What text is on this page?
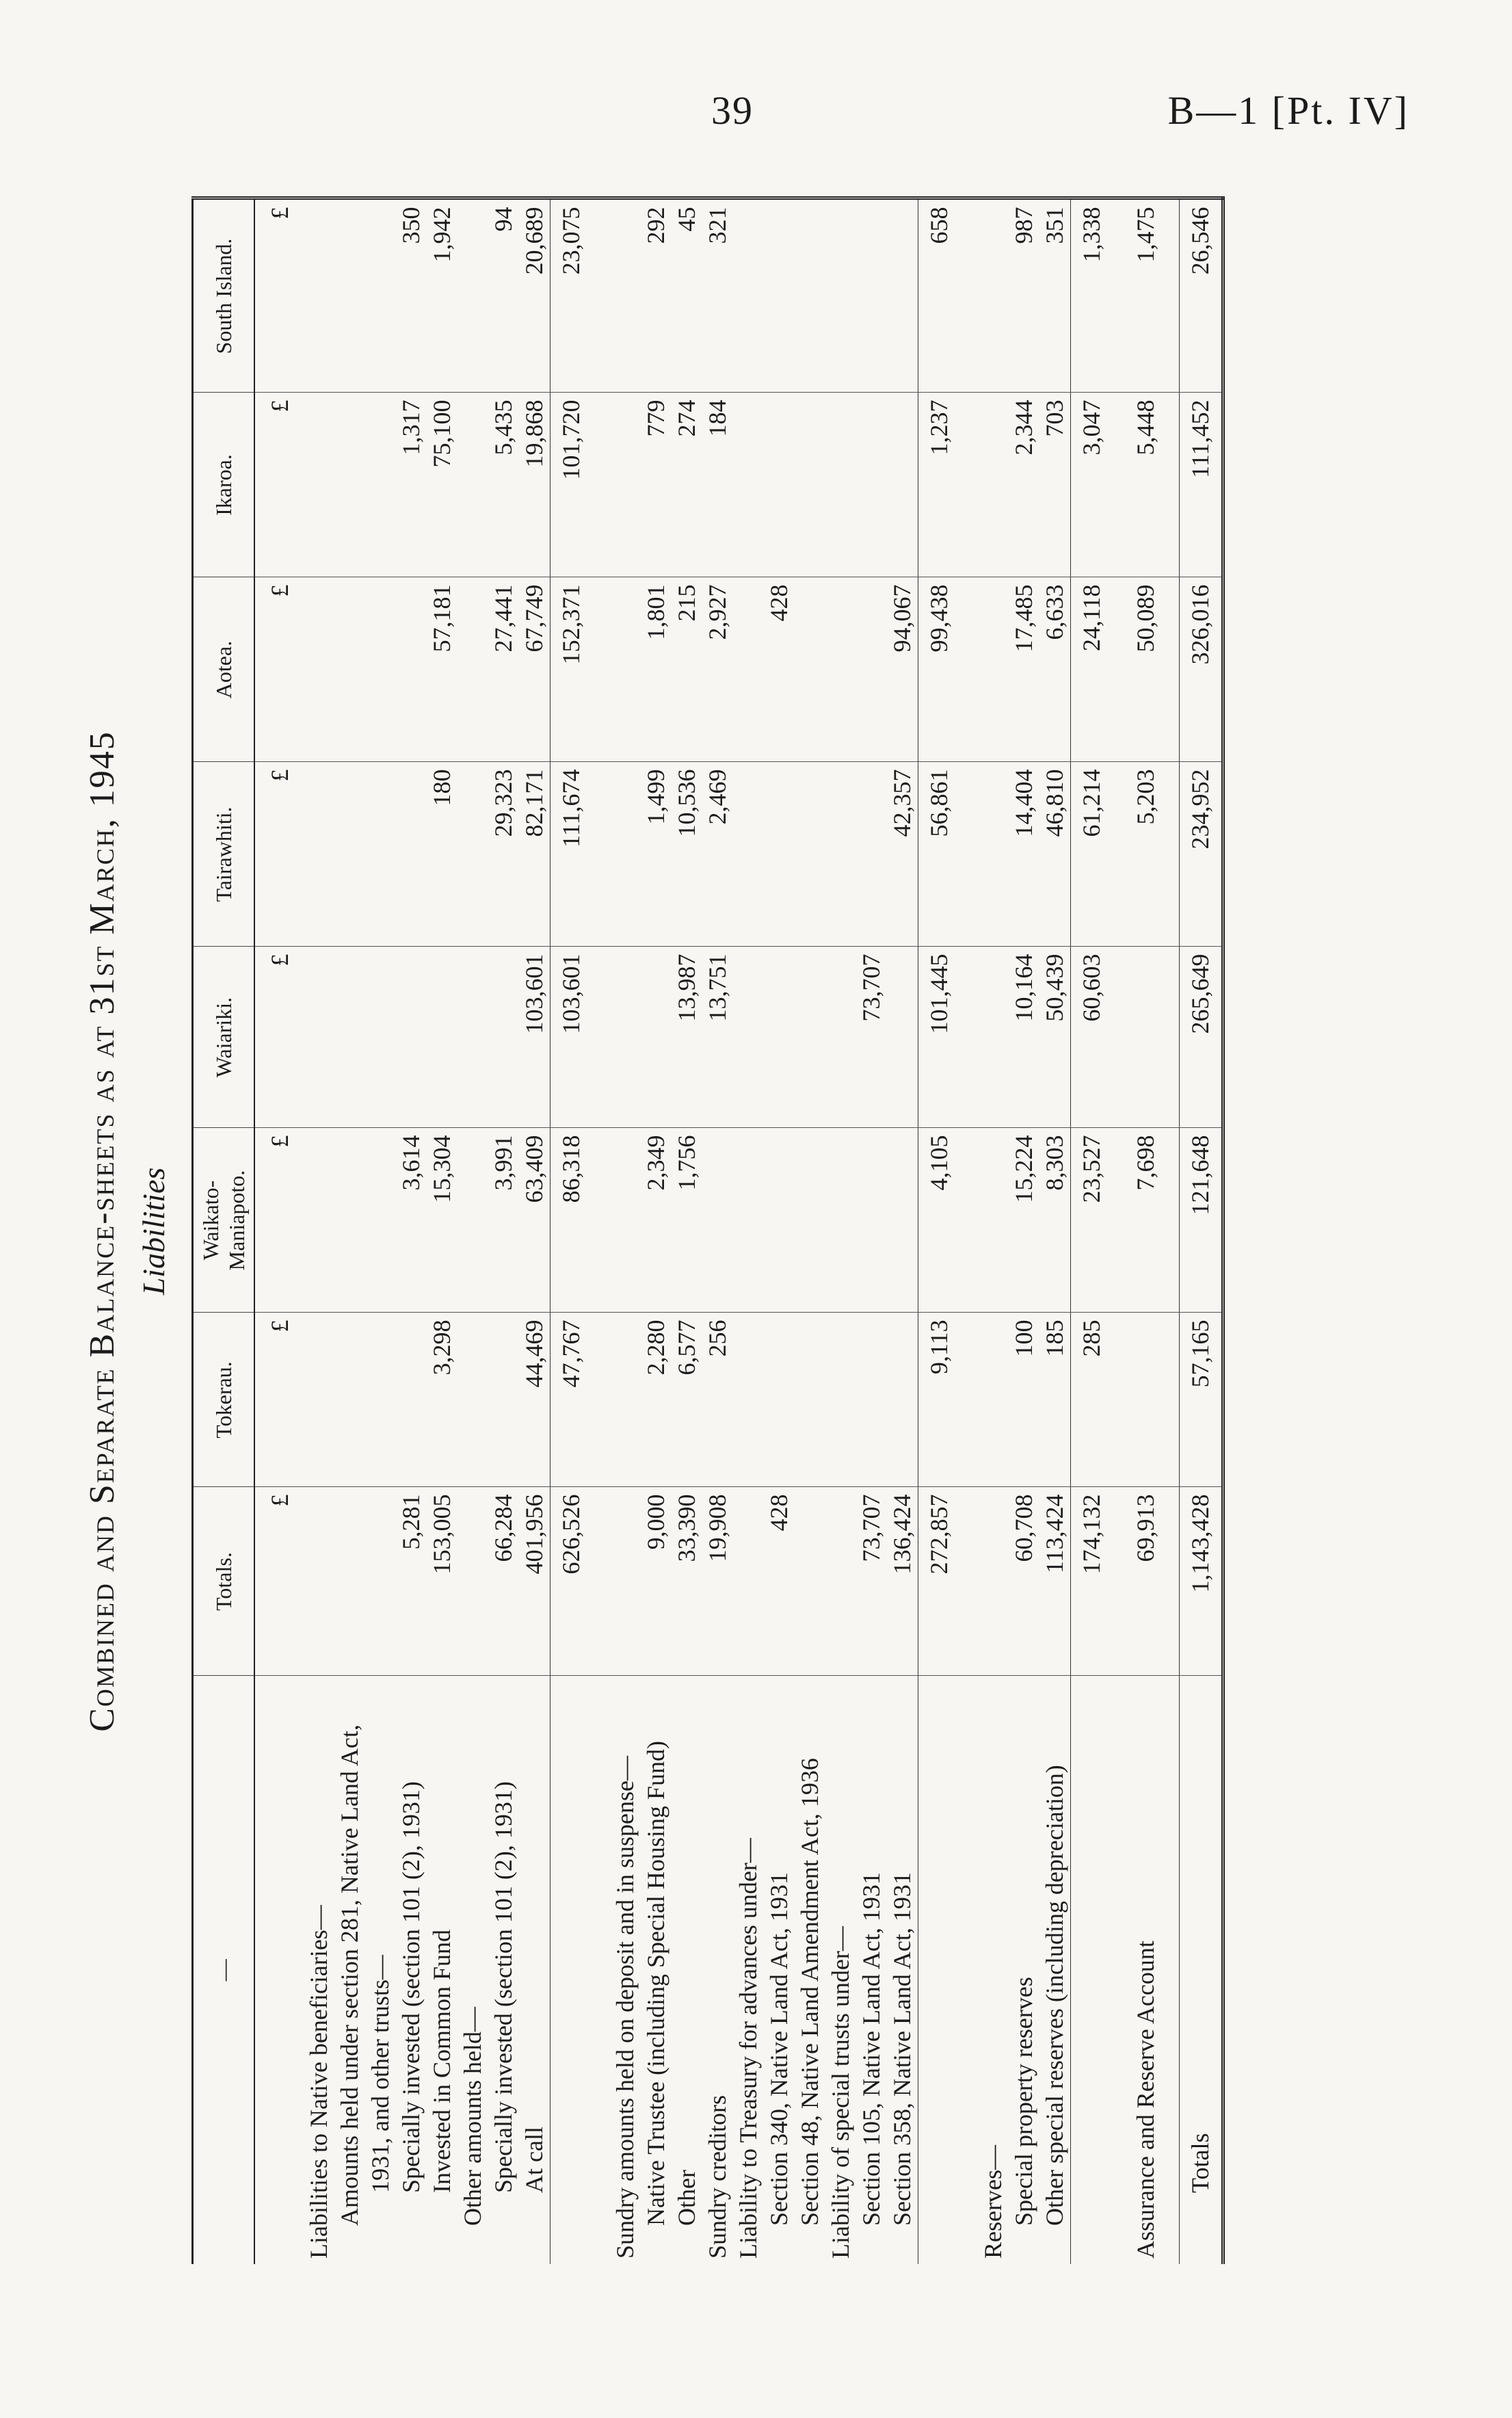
39	B—1 [Pt. IV]
Combined and Separate Balance-sheets as at 31st March, 1945 Liabilities
—	Totals.	Tokerau.	Waikato-Maniapoto.	Waiariki.	Tairawhiti.	Aotea.	Ikaroa.	South Island.
	£	£	£	£	£	£	£	£
Liabilities to Native beneficiaries—								

Amounts held under section 281, Native Land Act, 1931, and other trusts—								

Specially invested (section 101 (2), 1931)	5,281		3,614				1,317	350

Invested in Common Fund	153,005	3,298	15,304		180	57,181	75,100	1,942

Other amounts held—								

Specially invested (section 101 (2), 1931)	66,284		3,991		29,323	27,441	5,435	94

At call	401,956	44,469	63,409	103,601	82,171	67,749	19,868	20,689
	626,526	47,767	86,318	103,601	111,674	152,371	101,720	23,075

Sundry amounts held on deposit and in suspense—								

Native Trustee (including Special Housing Fund)	9,000	2,280	2,349		1,499	1,801	779	292

Other	33,390	6,577	1,756	13,987	10,536	215	274	45
Sundry creditors	19,908	256		13,751	2,469	2,927	184	321
Liability to Treasury for advances under—								

Section 340, Native Land Act, 1931	428					428		

Section 48, Native Land Amendment Act, 1936								

Liability of special trusts under—								

Section 105, Native Land Act, 1931	73,707			73,707				

Section 358, Native Land Act, 1931	136,424				42,357	94,067		
	272,857	9,113	4,105	101,445	56,861	99,438	1,237	658

Reserves—								

Special property reserves	60,708	100	15,224	10,164	14,404	17,485	2,344	987

Other special reserves (including depreciation)	113,424	185	8,303	50,439	46,810	6,633	703	351
	174,132	285	23,527	60,603	61,214	24,118	3,047	1,338

Assurance and Reserve Account	69,913		7,698		5,203	50,089	5,448	1,475

Totals	1,143,428	57,165	121,648	265,649	234,952	326,016	111,452	26,546
